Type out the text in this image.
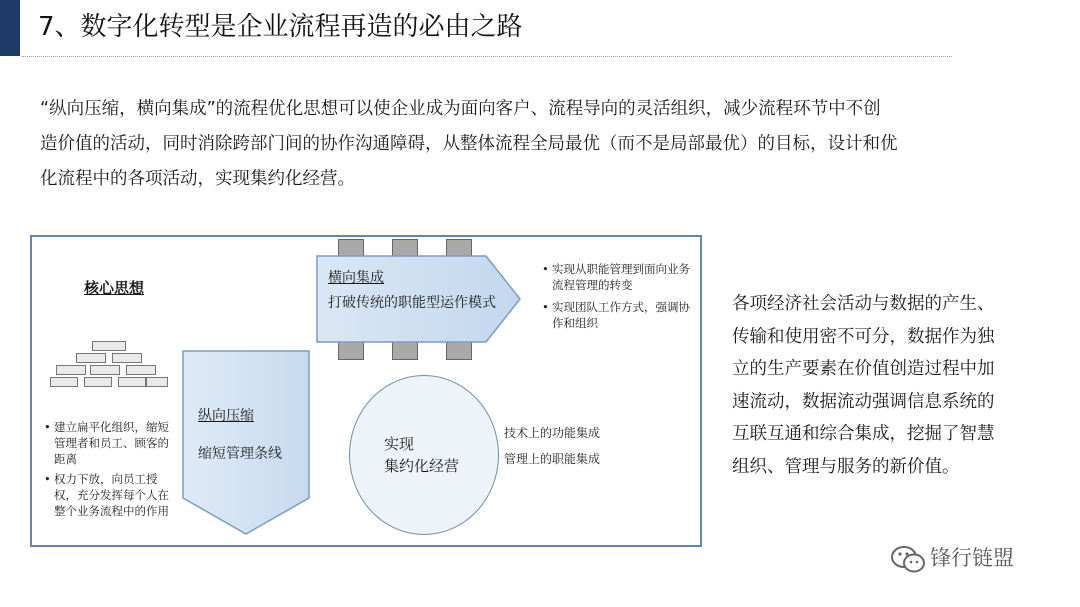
7、数字化转型是企业流程再造的必由之路
“纵向压缩，横向集成”的流程优化思想可以使企业成为面向客户、流程导向的灵活组织，减少流程环节中不创
造价值的活动，同时消除跨部门间的协作沟通障碍，从整体流程全局最优（而不是局部最优）的目标，设计和优
化流程中的各项活动，实现集约化经营。
核心思想
• 建立扁平化组织，缩短管理者和员工、顾客的距离
• 权力下放，向员工授权，充分发挥每个人在整个业务流程中的作用
纵向压缩
缩短管理条线
横向集成
打破传统的职能型运作模式
• 实现从职能管理到面向业务流程管理的转变
• 实现团队工作方式，强调协作和组织
实现
集约化经营
技术上的功能集成
管理上的职能集成
各项经济社会活动与数据的产生、
传输和使用密不可分，数据作为独
立的生产要素在价值创造过程中加
速流动，数据流动强调信息系统的
互联互通和综合集成，挖掘了智慧
组织、管理与服务的新价值。
锋行链盟
